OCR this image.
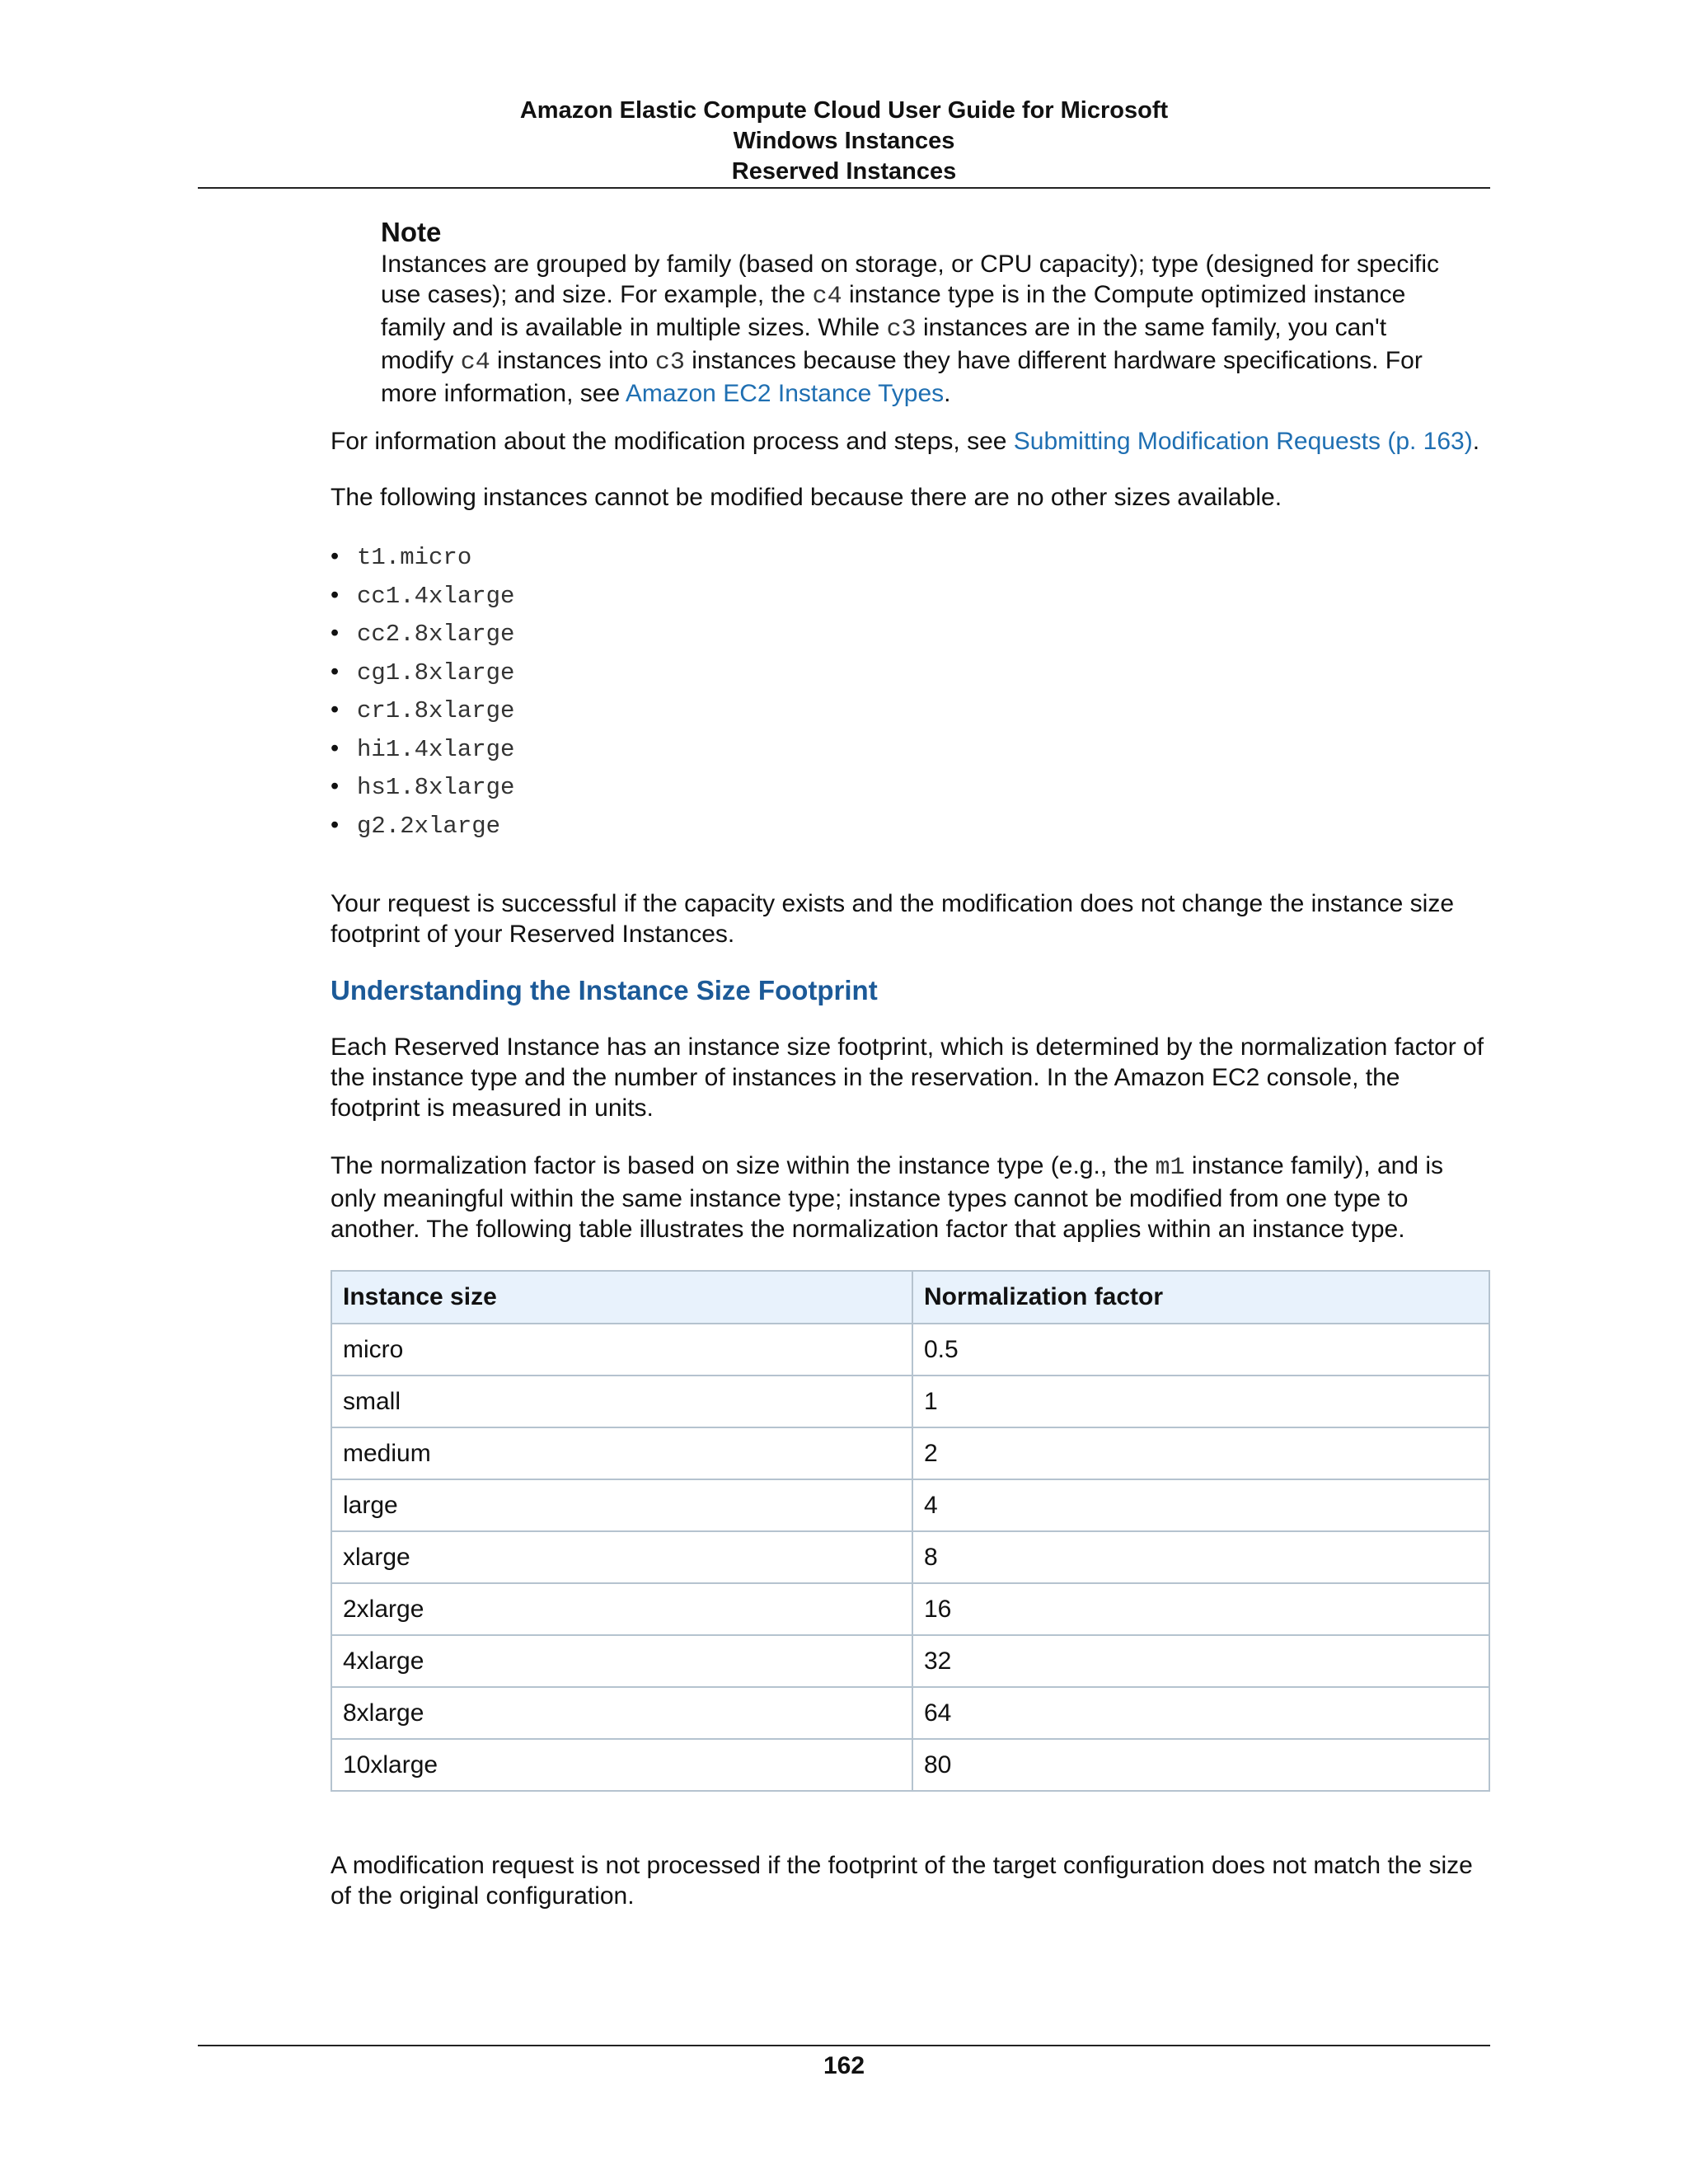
Amazon Elastic Compute Cloud User Guide for Microsoft
Windows Instances
Reserved Instances
Note
Instances are grouped by family (based on storage, or CPU capacity); type (designed for specific use cases); and size. For example, the c4 instance type is in the Compute optimized instance family and is available in multiple sizes. While c3 instances are in the same family, you can't modify c4 instances into c3 instances because they have different hardware specifications. For more information, see Amazon EC2 Instance Types.

For information about the modification process and steps, see Submitting Modification Requests (p. 163).

The following instances cannot be modified because there are no other sizes available.

• t1.micro
• cc1.4xlarge
• cc2.8xlarge
• cg1.8xlarge
• cr1.8xlarge
• hi1.4xlarge
• hs1.8xlarge
• g2.2xlarge

Your request is successful if the capacity exists and the modification does not change the instance size footprint of your Reserved Instances.

Understanding the Instance Size Footprint

Each Reserved Instance has an instance size footprint, which is determined by the normalization factor of the instance type and the number of instances in the reservation. In the Amazon EC2 console, the footprint is measured in units.

The normalization factor is based on size within the instance type (e.g., the m1 instance family), and is only meaningful within the same instance type; instance types cannot be modified from one type to another. The following table illustrates the normalization factor that applies within an instance type.

Instance size	Normalization factor
micro	0.5
small	1
medium	2
large	4
xlarge	8
2xlarge	16
4xlarge	32
8xlarge	64
10xlarge	80

A modification request is not processed if the footprint of the target configuration does not match the size of the original configuration.

162
